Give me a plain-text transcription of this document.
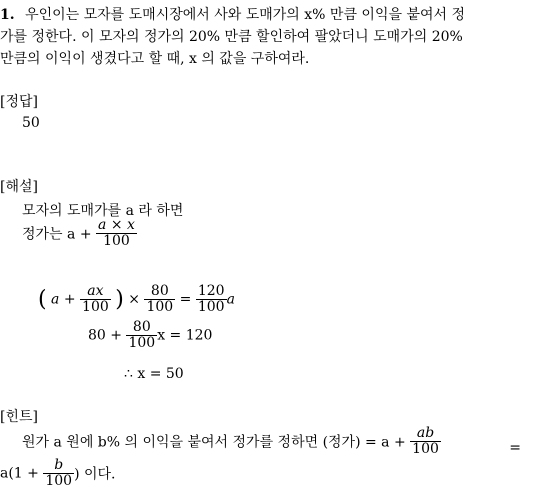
1. 우인이는 모자를 도매시장에서 사와 도매가의 x% 만큼 이익을 붙여서 정
가를 정한다. 이 모자의 정가의 20% 만큼 할인하여 팔았더니 도매가의 20%
만큼의 이익이 생겼다고 할 때, x 의 값을 구하여라.
[정답]
50
[해설]
모자의 도매가를 a 라 하면
정가는 $a + \frac{a \times x}{100}$
( $a + \frac{ax}{100}$ ) × $\frac{80}{100} = \frac{120}{100}$ a
$80 + \frac{80}{100}$ x = 120
∴ x = 50
[힌트]
원가 a 원에 b% 의 이익을 붙여서 정가를 정하면 (정가) = $a + \frac{ab}{100}$	=
$a(1 + \frac{b}{100}$ ) 이다.
